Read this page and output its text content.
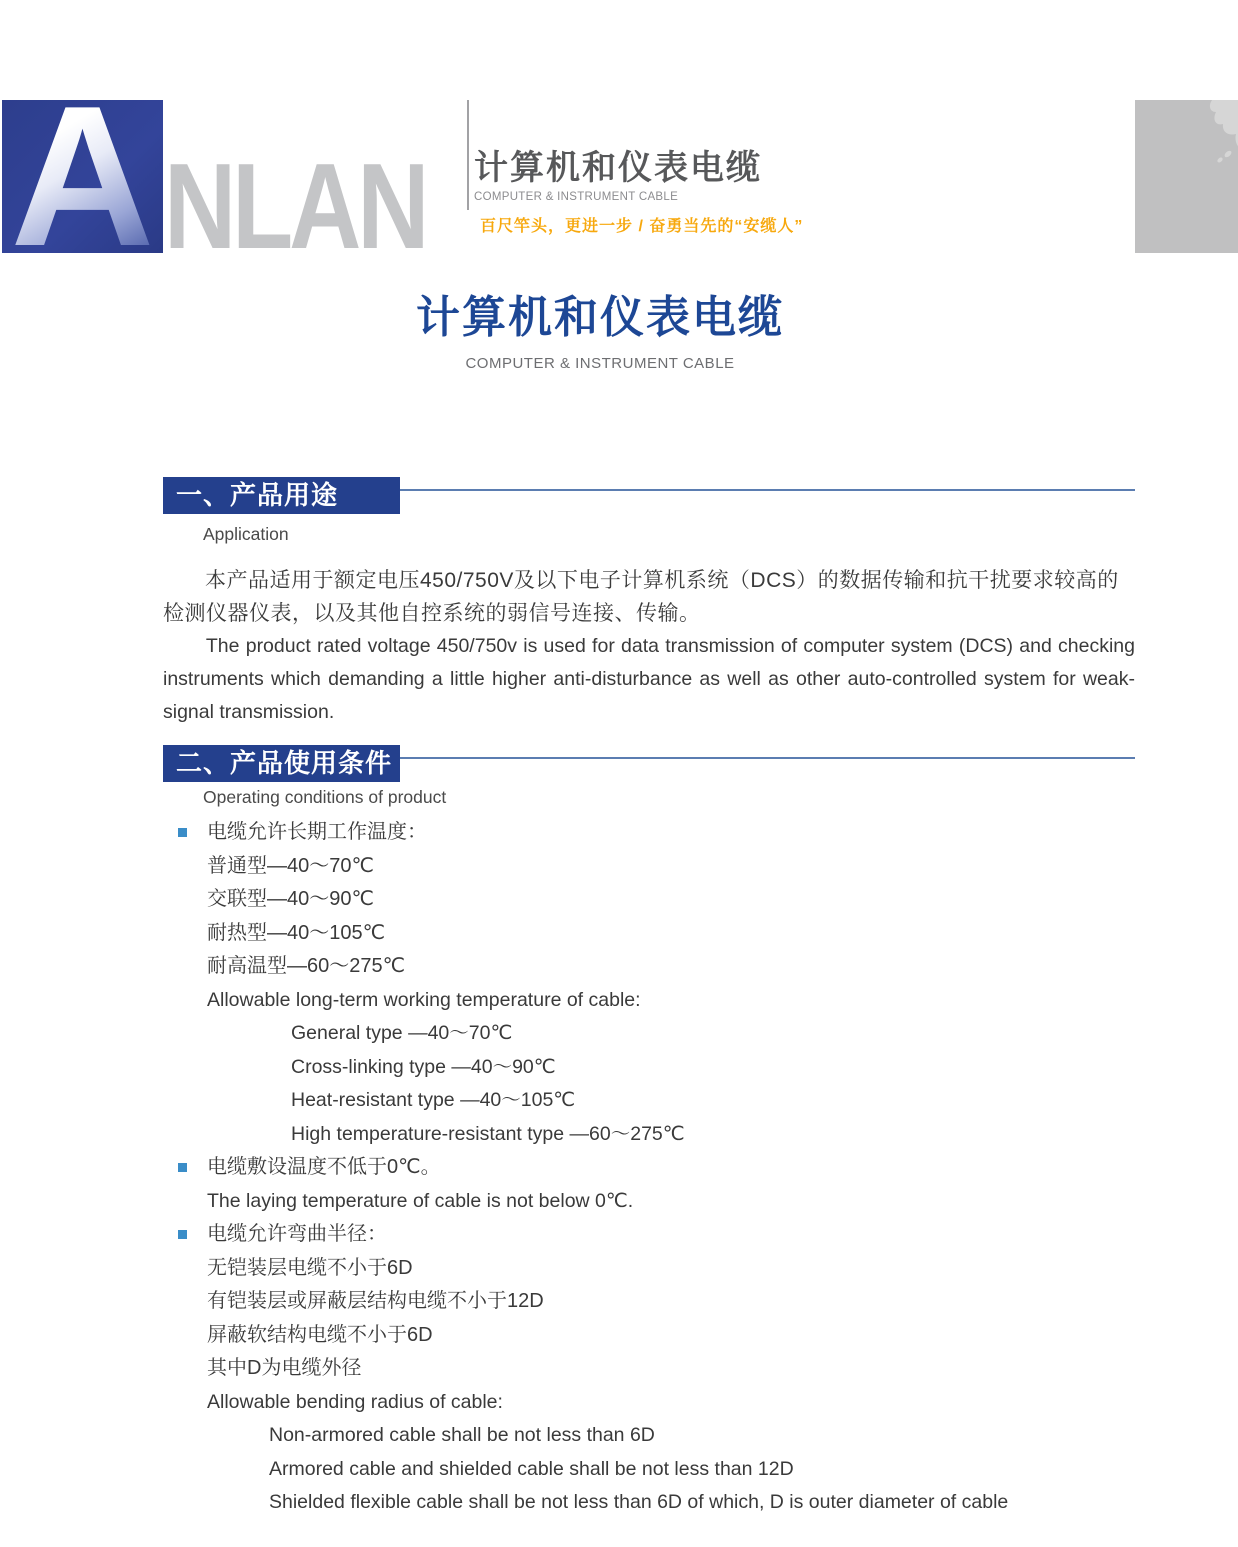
A NLAN 计算机和仪表电缆
COMPUTER & INSTRUMENT CABLE
百尺竿头，更进一步 / 奋勇当先的“安缆人”
计算机和仪表电缆
COMPUTER & INSTRUMENT CABLE
一、产品用途
Application

本产品适用于额定电压450/750V及以下电子计算机系统（DCS）的数据传输和抗干扰要求较高的检测仪器仪表，以及其他自控系统的弱信号连接、传输。

The product rated voltage 450/750v is used for data transmission of computer system (DCS) and checking instruments which demanding a little higher anti-disturbance as well as other auto-controlled system for weak-signal transmission.

二、产品使用条件
Operating conditions of product
电缆允许长期工作温度：
普通型—40～70℃
交联型—40～90℃
耐热型—40～105℃
耐高温型—60～275℃
Allowable long-term working temperature of cable:
General type —40～70℃
Cross-linking type —40～90℃
Heat-resistant type —40～105℃
High temperature-resistant type —60～275℃
电缆敷设温度不低于0℃。
The laying temperature of cable is not below 0℃.
电缆允许弯曲半径：
无铠装层电缆不小于6D
有铠装层或屏蔽层结构电缆不小于12D
屏蔽软结构电缆不小于6D
其中D为电缆外径
Allowable bending radius of cable:
Non-armored cable shall be not less than 6D
Armored cable and shielded cable shall be not less than 12D
Shielded flexible cable shall be not less than 6D of which, D is outer diameter of cable
